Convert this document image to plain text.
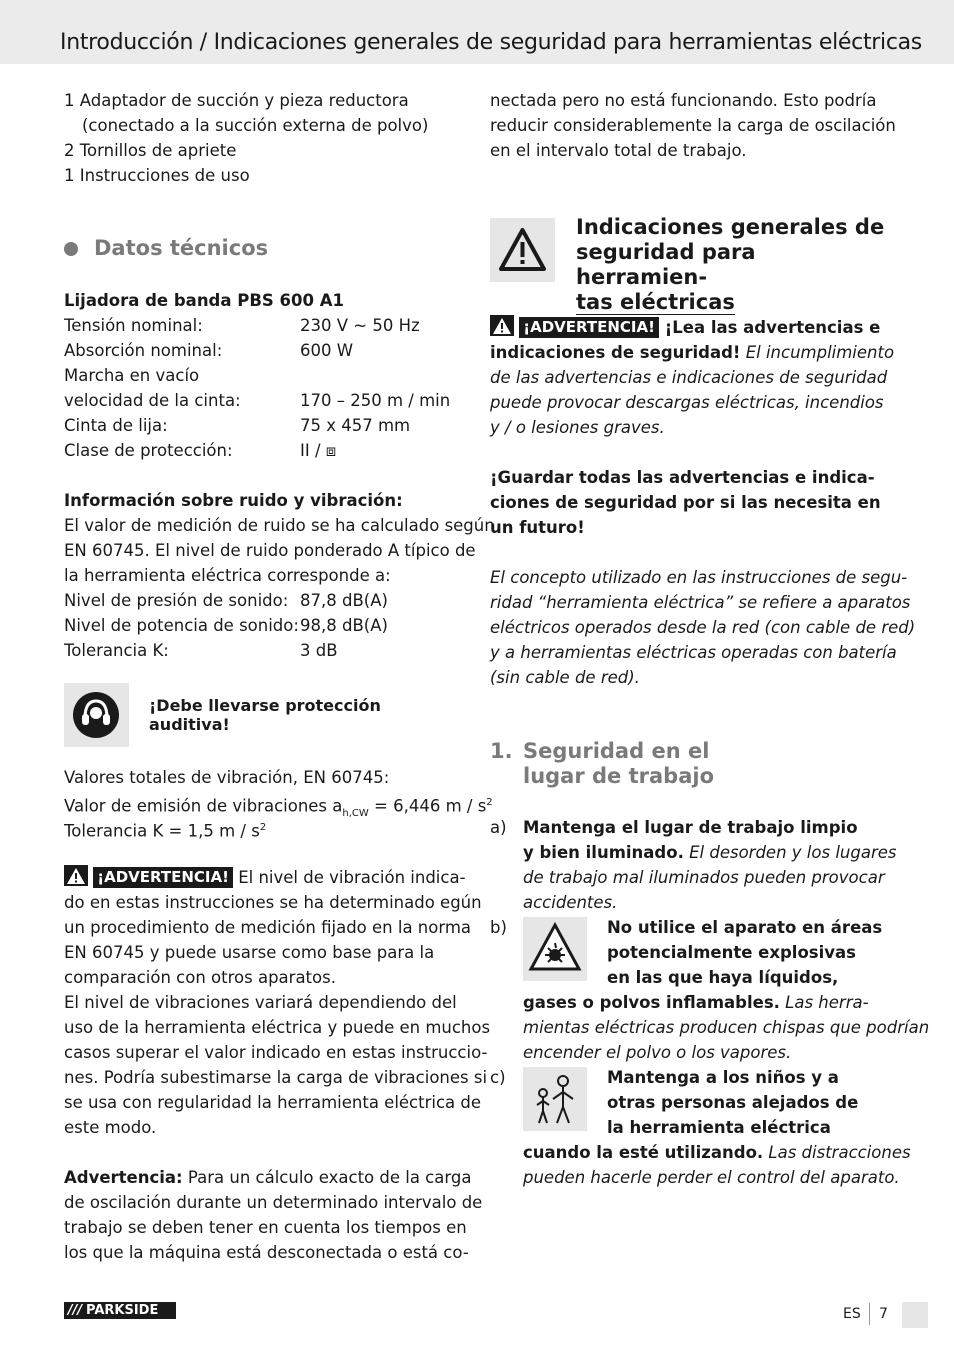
Introducción / Indicaciones generales de seguridad para herramientas eléctricas
1 Adaptador de succión y pieza reductora
(conectado a la succión externa de polvo)
2 Tornillos de apriete
1 Instrucciones de uso
Datos técnicos
Lijadora de banda PBS 600 A1
Tensión nominal:	230 V ~ 50 Hz
Absorción nominal:	600 W
Marcha en vacío
velocidad de la cinta:	170 – 250 m / min
Cinta de lija:	75 x 457 mm
Clase de protección:	II / ⧈
Información sobre ruido y vibración:
El valor de medición de ruido se ha calculado según
EN 60745. El nivel de ruido ponderado A típico de
la herramienta eléctrica corresponde a:
Nivel de presión de sonido: 87,8 dB(A)
Nivel de potencia de sonido: 98,8 dB(A)
Tolerancia K:	3 dB
¡Debe llevarse protección auditiva!
Valores totales de vibración, EN 60745:
Valor de emisión de vibraciones $a_{h,CW} = 6,446$ m / $s^2$
Tolerancia K = 1,5 m / $s^2$
¡ADVERTENCIA! El nivel de vibración indica-
do en estas instrucciones se ha determinado egún
un procedimiento de medición fijado en la norma
EN 60745 y puede usarse como base para la
comparación con otros aparatos.
El nivel de vibraciones variará dependiendo del
uso de la herramienta eléctrica y puede en muchos
casos superar el valor indicado en estas instruccio-
nes. Podría subestimarse la carga de vibraciones si
se usa con regularidad la herramienta eléctrica de
este modo.
Advertencia: Para un cálculo exacto de la carga
de oscilación durante un determinado intervalo de
trabajo se deben tener en cuenta los tiempos en
los que la máquina está desconectada o está co-
nectada pero no está funcionando. Esto podría
reducir considerablemente la carga de oscilación
en el intervalo total de trabajo.
Indicaciones generales de
seguridad para herramien-
tas eléctricas
¡ADVERTENCIA! ¡Lea las advertencias e
indicaciones de seguridad! El incumplimiento
de las advertencias e indicaciones de seguridad
puede provocar descargas eléctricas, incendios
y / o lesiones graves.
¡Guardar todas las advertencias e indica-
ciones de seguridad por si las necesita en
un futuro!
El concepto utilizado en las instrucciones de segu-
ridad “herramienta eléctrica” se refiere a aparatos
eléctricos operados desde la red (con cable de red)
y a herramientas eléctricas operadas con batería
(sin cable de red).
1. Seguridad en el
lugar de trabajo
a) Mantenga el lugar de trabajo limpio
y bien iluminado. El desorden y los lugares
de trabajo mal iluminados pueden provocar
accidentes.
b)	No utilice el aparato en áreas
potencialmente explosivas
en las que haya líquidos,
gases o polvos inflamables. Las herra-
mientas eléctricas producen chispas que podrían
encender el polvo o los vapores.
c)	Mantenga a los niños y a
otras personas alejados de
la herramienta eléctrica
cuando la esté utilizando. Las distracciones
pueden hacerle perder el control del aparato.
/// PARKSIDE	ES 7
